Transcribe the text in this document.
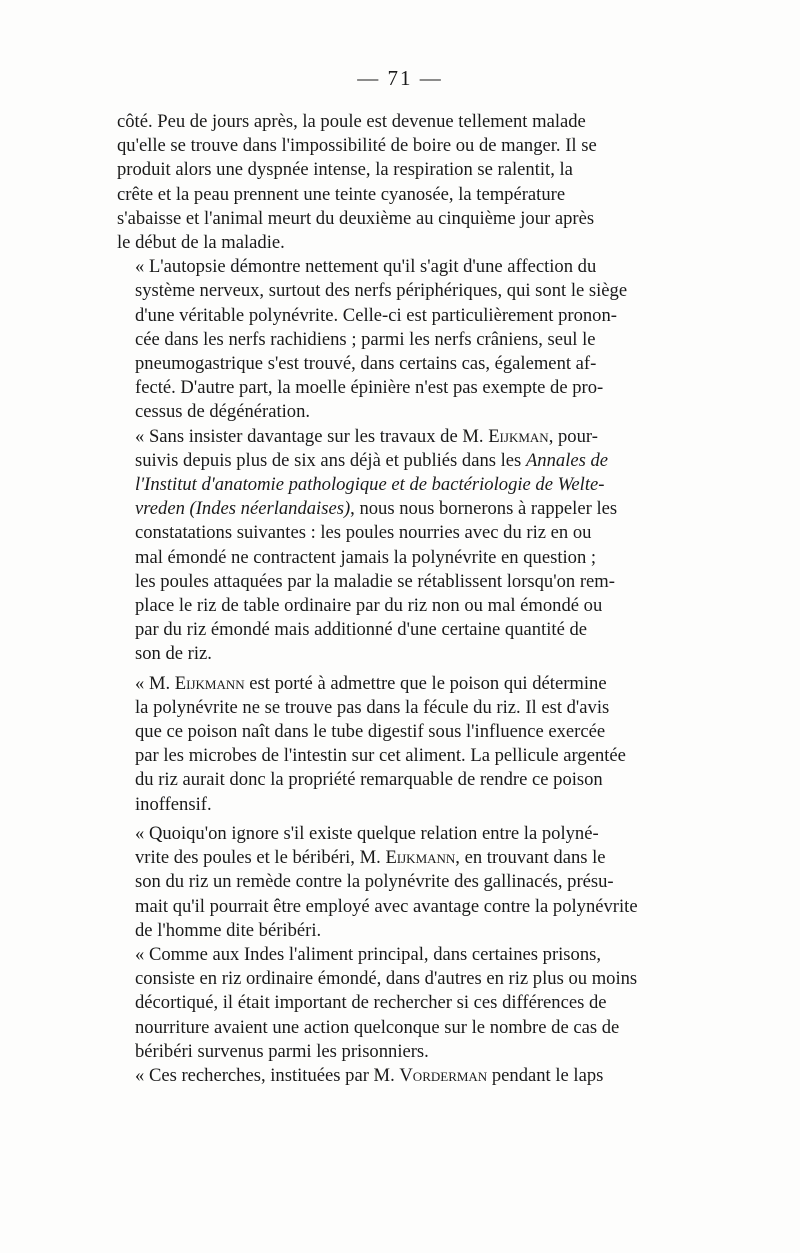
— 71 —

côté. Peu de jours après, la poule est devenue tellement malade
qu'elle se trouve dans l'impossibilité de boire ou de manger. Il se
produit alors une dyspnée intense, la respiration se ralentit, la
crête et la peau prennent une teinte cyanosée, la température
s'abaisse et l'animal meurt du deuxième au cinquième jour après
le début de la maladie.

« L'autopsie démontre nettement qu'il s'agit d'une affection du
système nerveux, surtout des nerfs périphériques, qui sont le siège
d'une véritable polynévrite. Celle-ci est particulièrement pronon-
cée dans les nerfs rachidiens ; parmi les nerfs crâniens, seul le
pneumogastrique s'est trouvé, dans certains cas, également af-
fecté. D'autre part, la moelle épinière n'est pas exempte de pro-
cessus de dégénération.

« Sans insister davantage sur les travaux de M. Eijkman, pour-
suivis depuis plus de six ans déjà et publiés dans les Annales de
l'Institut d'anatomie pathologique et de bactériologie de Welte-
vreden (Indes néerlandaises), nous nous bornerons à rappeler les
constatations suivantes : les poules nourries avec du riz en ou
mal émondé ne contractent jamais la polynévrite en question ;
les poules attaquées par la maladie se rétablissent lorsqu'on rem-
place le riz de table ordinaire par du riz non ou mal émondé ou
par du riz émondé mais additionné d'une certaine quantité de
son de riz.

« M. Eijkmann est porté à admettre que le poison qui détermine
la polynévrite ne se trouve pas dans la fécule du riz. Il est d'avis
que ce poison naît dans le tube digestif sous l'influence exercée
par les microbes de l'intestin sur cet aliment. La pellicule argentée
du riz aurait donc la propriété remarquable de rendre ce poison
inoffensif.

« Quoiqu'on ignore s'il existe quelque relation entre la polyné-
vrite des poules et le béribéri, M. Eijkmann, en trouvant dans le
son du riz un remède contre la polynévrite des gallinacés, présu-
mait qu'il pourrait être employé avec avantage contre la polynévrite
de l'homme dite béribéri.

« Comme aux Indes l'aliment principal, dans certaines prisons,
consiste en riz ordinaire émondé, dans d'autres en riz plus ou moins
décortiqué, il était important de rechercher si ces différences de
nourriture avaient une action quelconque sur le nombre de cas de
béribéri survenus parmi les prisonniers.

« Ces recherches, instituées par M. Vorderman pendant le laps
